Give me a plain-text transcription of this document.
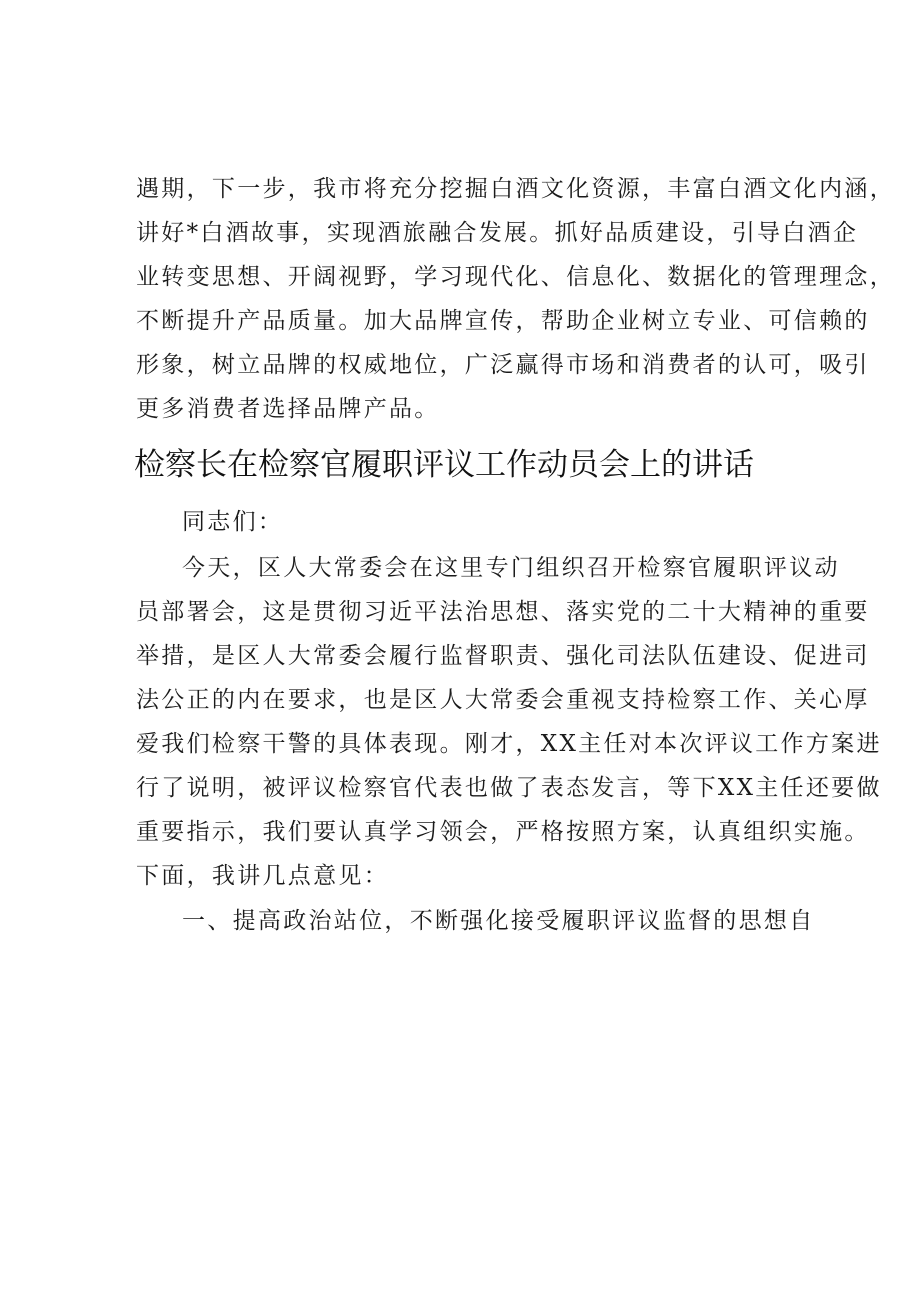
遇期，下一步，我市将充分挖掘白酒文化资源，丰富白酒文化内涵，
讲好*白酒故事，实现酒旅融合发展。抓好品质建设，引导白酒企
业转变思想、开阔视野，学习现代化、信息化、数据化的管理理念，
不断提升产品质量。加大品牌宣传，帮助企业树立专业、可信赖的
形象，树立品牌的权威地位，广泛赢得市场和消费者的认可，吸引
更多消费者选择品牌产品。
检察长在检察官履职评议工作动员会上的讲话
同志们：
今天，区人大常委会在这里专门组织召开检察官履职评议动
员部署会，这是贯彻习近平法治思想、落实党的二十大精神的重要
举措，是区人大常委会履行监督职责、强化司法队伍建设、促进司
法公正的内在要求，也是区人大常委会重视支持检察工作、关心厚
爱我们检察干警的具体表现。刚才，XX主任对本次评议工作方案进
行了说明，被评议检察官代表也做了表态发言，等下XX主任还要做
重要指示，我们要认真学习领会，严格按照方案，认真组织实施。
下面，我讲几点意见：
一、提高政治站位，不断强化接受履职评议监督的思想自
